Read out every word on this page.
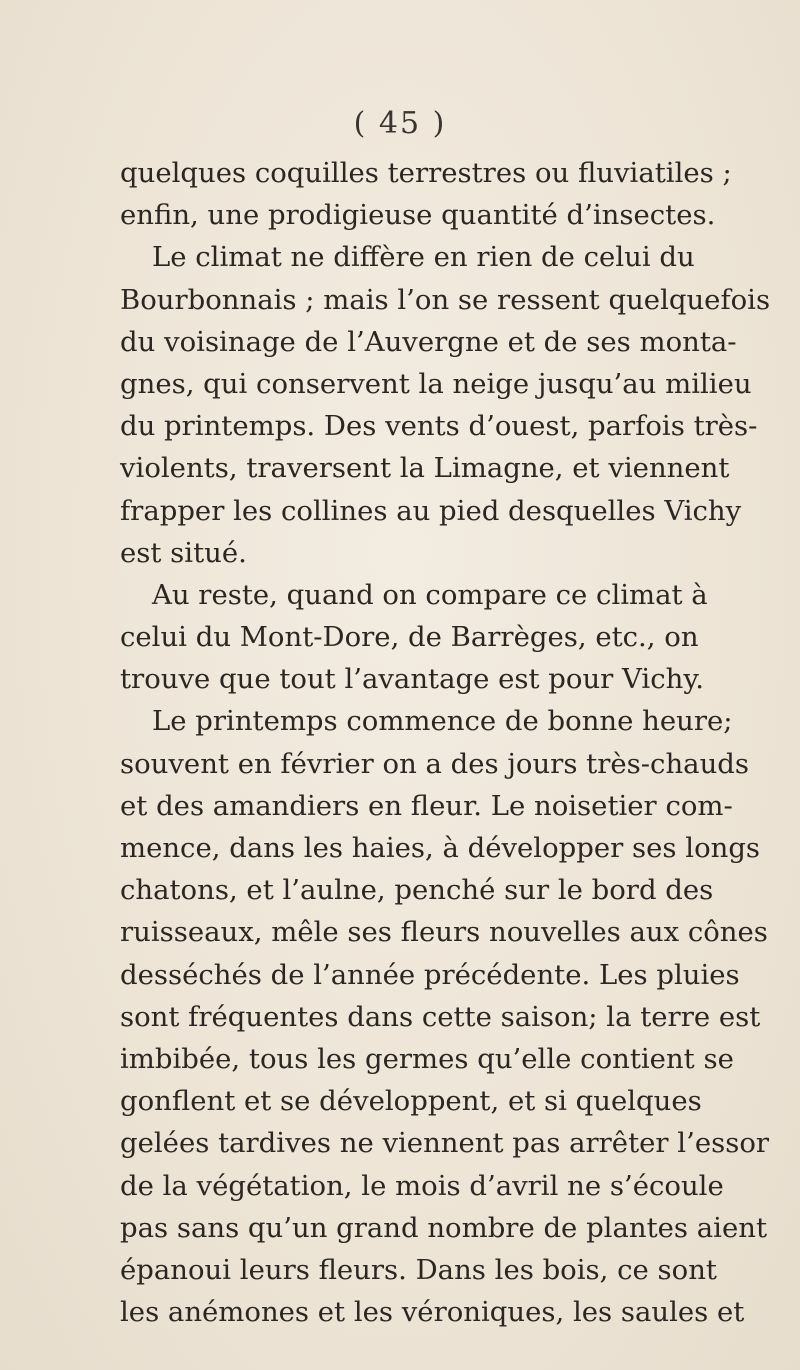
( 45 )
quelques coquilles terrestres ou fluviatiles ;
enfin, une prodigieuse quantité d’insectes.
Le climat ne diffère en rien de celui du
Bourbonnais ; mais l’on se ressent quelquefois
du voisinage de l’Auvergne et de ses monta-
gnes, qui conservent la neige jusqu’au milieu
du printemps. Des vents d’ouest, parfois très-
violents, traversent la Limagne, et viennent
frapper les collines au pied desquelles Vichy
est situé.
Au reste, quand on compare ce climat à
celui du Mont-Dore, de Barrèges, etc., on
trouve que tout l’avantage est pour Vichy.
Le printemps commence de bonne heure;
souvent en février on a des jours très-chauds
et des amandiers en fleur. Le noisetier com-
mence, dans les haies, à développer ses longs
chatons, et l’aulne, penché sur le bord des
ruisseaux, mêle ses fleurs nouvelles aux cônes
desséchés de l’année précédente. Les pluies
sont fréquentes dans cette saison; la terre est
imbibée, tous les germes qu’elle contient se
gonflent et se développent, et si quelques
gelées tardives ne viennent pas arrêter l’essor
de la végétation, le mois d’avril ne s’écoule
pas sans qu’un grand nombre de plantes aient
épanoui leurs fleurs. Dans les bois, ce sont
les anémones et les véroniques, les saules et
